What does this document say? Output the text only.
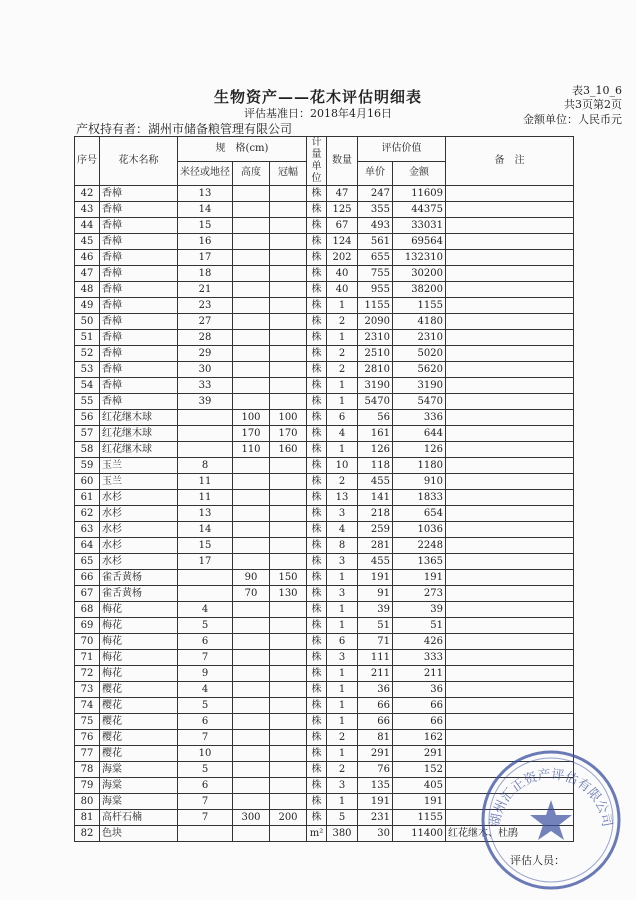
表3_10_6
生物资产——花木评估明细表	共3页第2页
评估基准日：2018年4月16日	金额单位：人民币元
产权持有者：湖州市储备粮管理有限公司
序号	花木名称	规　格(cm)			计量单位	数量	评估价值		备　注
		米径或地径	高度	冠幅			单价	金额	
42	香樟	13			株	47	247	11609	
43	香樟	14			株	125	355	44375	
44	香樟	15			株	67	493	33031	
45	香樟	16			株	124	561	69564	
46	香樟	17			株	202	655	132310	
47	香樟	18			株	40	755	30200	
48	香樟	21			株	40	955	38200	
49	香樟	23			株	1	1155	1155	
50	香樟	27			株	2	2090	4180	
51	香樟	28			株	1	2310	2310	
52	香樟	29			株	2	2510	5020	
53	香樟	30			株	2	2810	5620	
54	香樟	33			株	1	3190	3190	
55	香樟	39			株	1	5470	5470	
56	红花继木球		100	100	株	6	56	336	
57	红花继木球		170	170	株	4	161	644	
58	红花继木球		110	160	株	1	126	126	
59	玉兰	8			株	10	118	1180	
60	玉兰	11			株	2	455	910	
61	水杉	11			株	13	141	1833	
62	水杉	13			株	3	218	654	
63	水杉	14			株	4	259	1036	
64	水杉	15			株	8	281	2248	
65	水杉	17			株	3	455	1365	
66	雀舌黄杨		90	150	株	1	191	191	
67	雀舌黄杨		70	130	株	3	91	273	
68	梅花	4			株	1	39	39	
69	梅花	5			株	1	51	51	
70	梅花	6			株	6	71	426	
71	梅花	7			株	3	111	333	
72	梅花	9			株	1	211	211	
73	樱花	4			株	1	36	36	
74	樱花	5			株	1	66	66	
75	樱花	6			株	1	66	66	
76	樱花	7			株	2	81	162	
77	樱花	10			株	1	291	291	
78	海棠	5			株	2	76	152	
79	海棠	6			株	3	135	405	
80	海棠	7			株	1	191	191	
81	高杆石楠	7	300	200	株	5	231	1155	
82	色块				m²	380	30	11400	红花继木、杜鹃
湖州汇正资产评估有限公司
评估人员：
